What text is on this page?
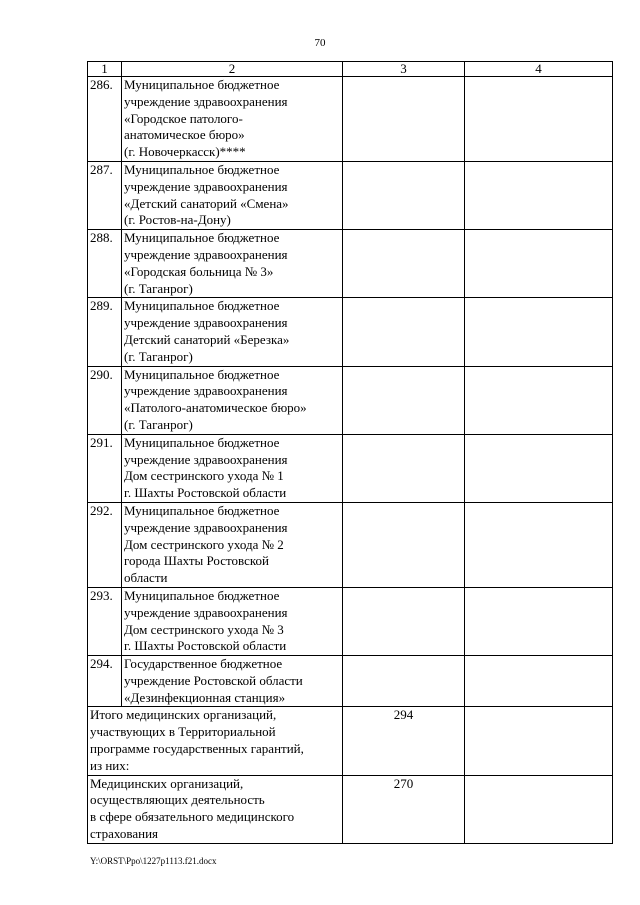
70
1	2	3	4
286.	Муниципальное бюджетное
учреждение здравоохранения
«Городское патолого-
анатомическое бюро»
(г. Новочеркасск)****		

287.	Муниципальное бюджетное
учреждение здравоохранения
«Детский санаторий «Смена»
(г. Ростов-на-Дону)		

288.	Муниципальное бюджетное
учреждение здравоохранения
«Городская больница № 3»
(г. Таганрог)		

289.	Муниципальное бюджетное
учреждение здравоохранения
Детский санаторий «Березка»
(г. Таганрог)		

290.	Муниципальное бюджетное
учреждение здравоохранения
«Патолого-анатомическое бюро»
(г. Таганрог)		

291.	Муниципальное бюджетное
учреждение здравоохранения
Дом сестринского ухода № 1
г. Шахты Ростовской области		

292.	Муниципальное бюджетное
учреждение здравоохранения
Дом сестринского ухода № 2
города Шахты Ростовской
области		

293.	Муниципальное бюджетное
учреждение здравоохранения
Дом сестринского ухода № 3
г. Шахты Ростовской области		

294.	Государственное бюджетное
учреждение Ростовской области
«Дезинфекционная станция»		

Итого медицинских организаций,
участвующих в Территориальной
программе государственных гарантий,
из них:		294	

Медицинских организаций,
осуществляющих деятельность
в сфере обязательного медицинского
страхования		270	
Y:\ORST\Ppo\1227p1113.f21.docx
